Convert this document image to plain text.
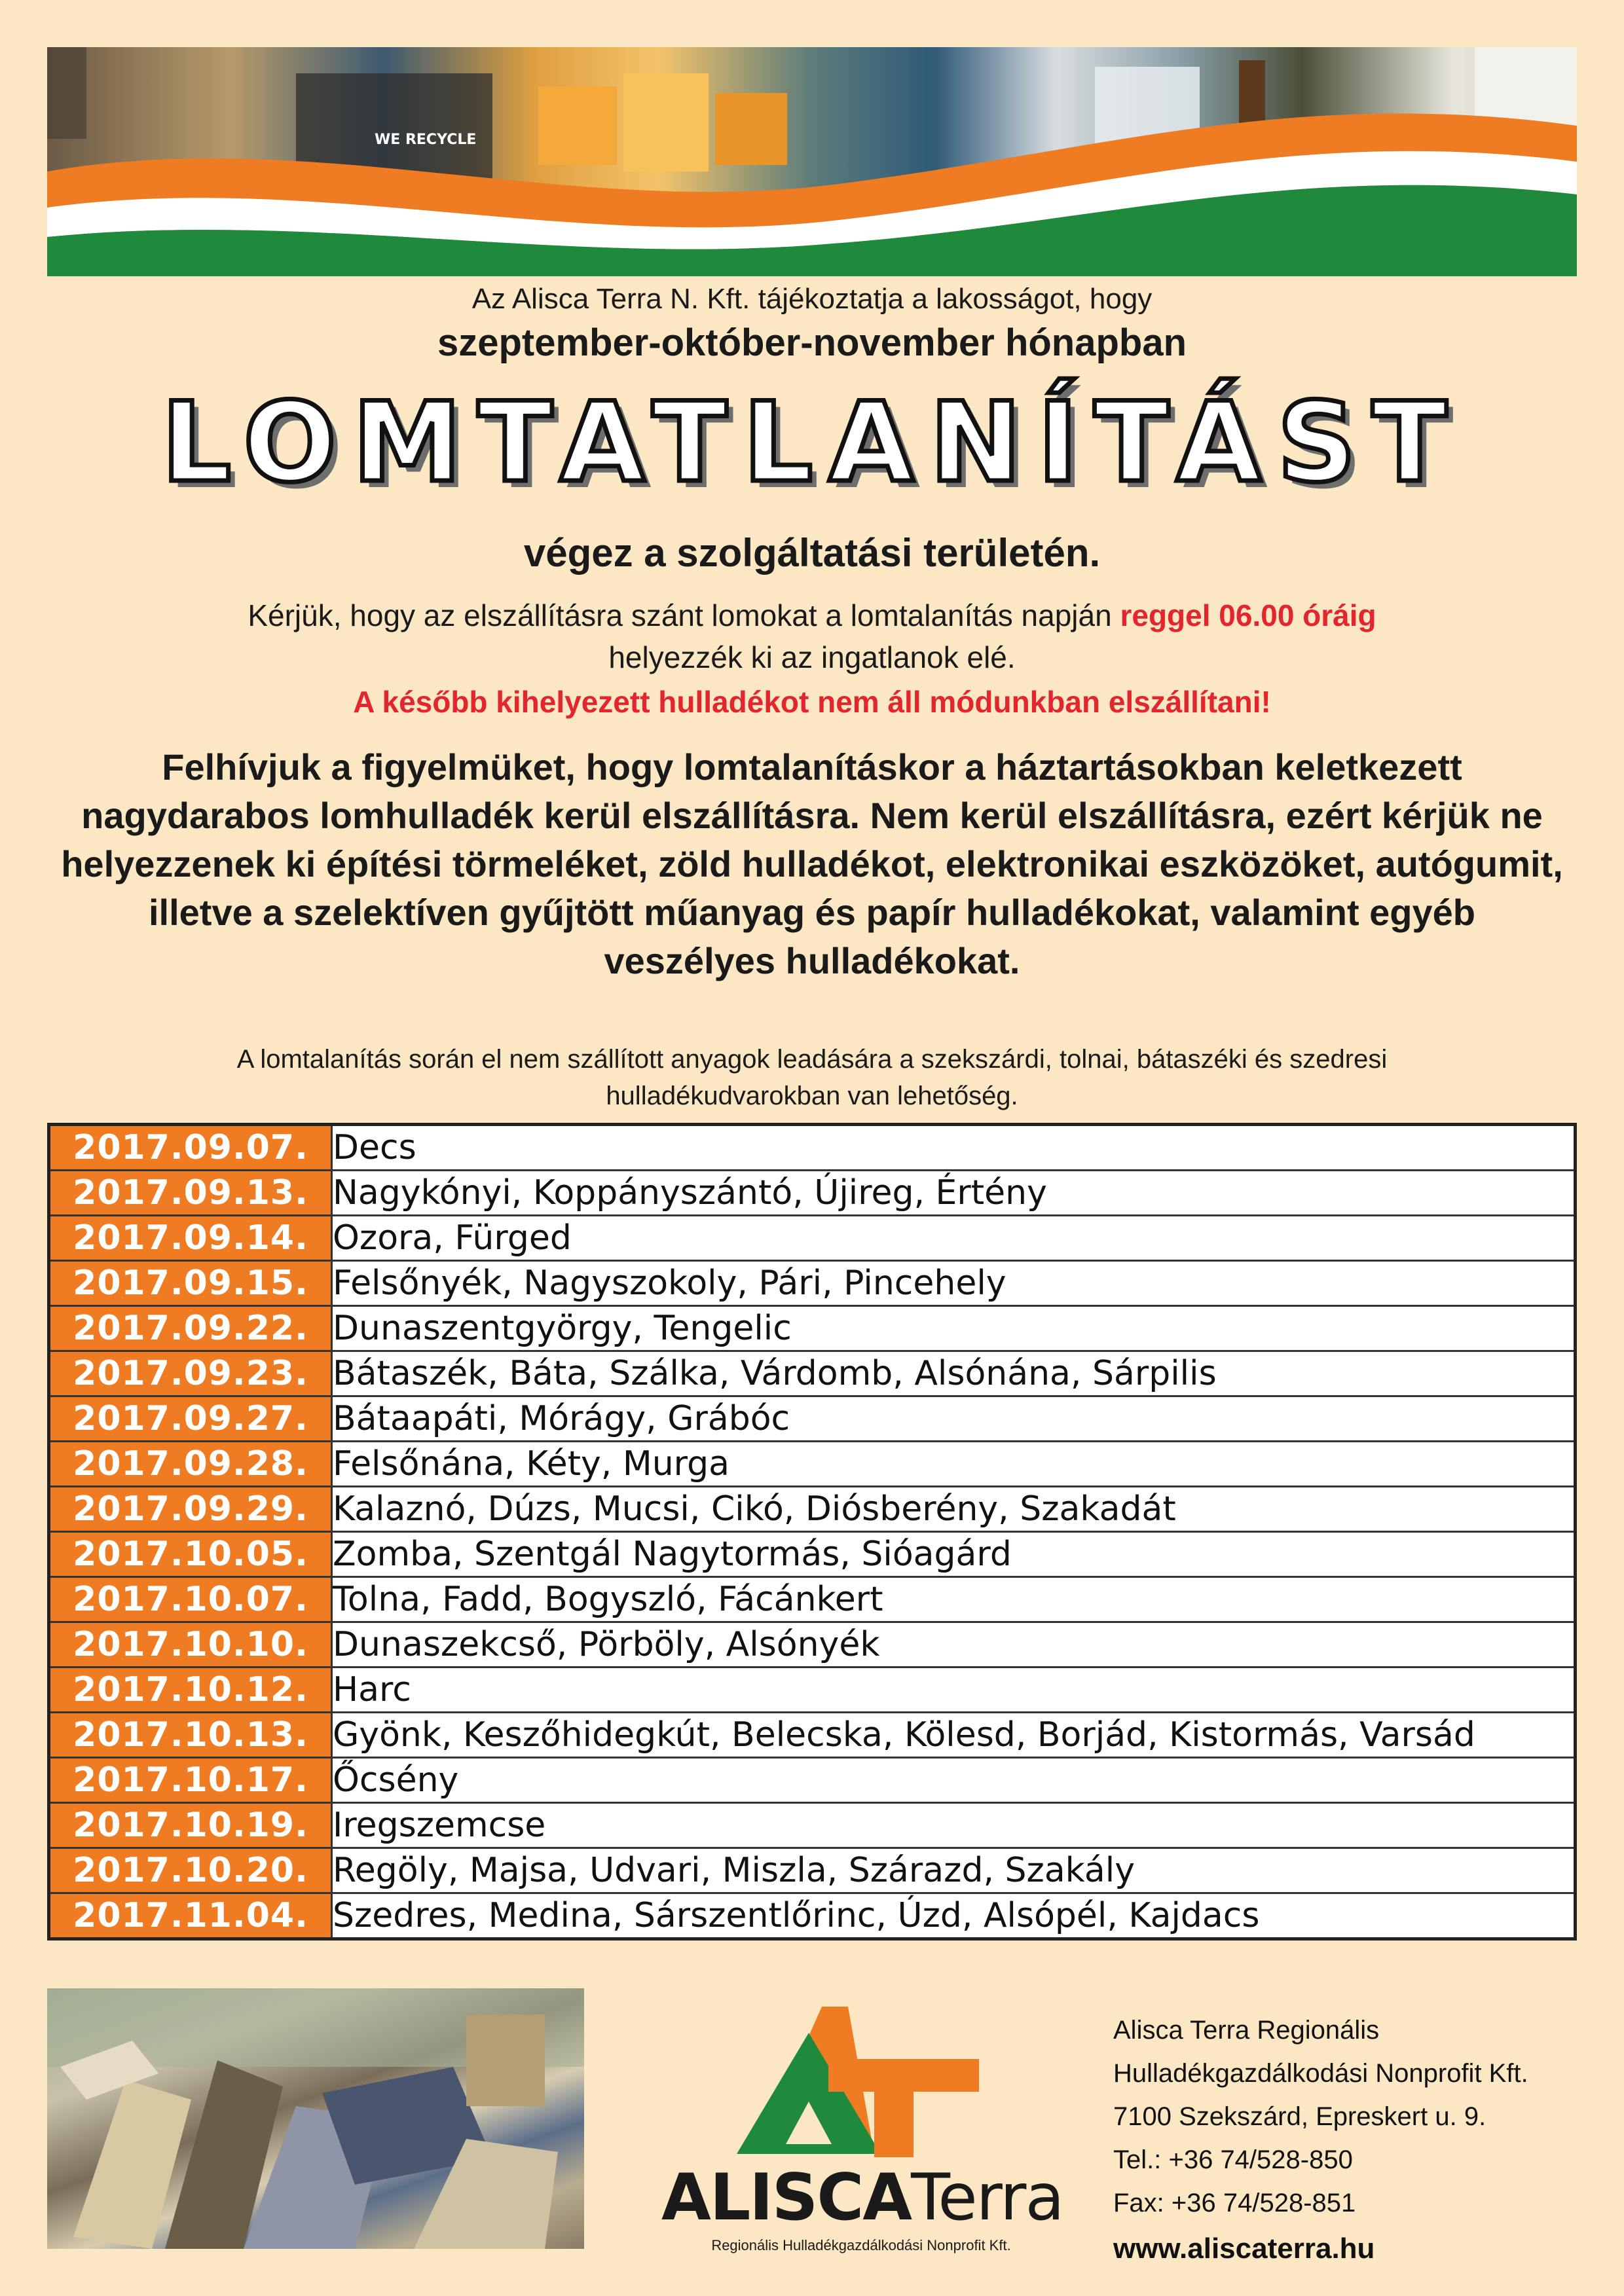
WE RECYCLE
Az Alisca Terra N. Kft. tájékoztatja a lakosságot, hogy
szeptember-október-november hónapban
LOMTATLANÍTÁST
végez a szolgáltatási területén.
Kérjük, hogy az elszállításra szánt lomokat a lomtalanítás napján reggel 06.00 óráig
helyezzék ki az ingatlanok elé.
A később kihelyezett hulladékot nem áll módunkban elszállítani!
Felhívjuk a figyelmüket, hogy lomtalanításkor a háztartásokban keletkezett nagydarabos lomhulladék kerül elszállításra. Nem kerül elszállításra, ezért kérjük ne helyezzenek ki építési törmeléket, zöld hulladékot, elektronikai eszközöket, autógumit, illetve a szelektíven gyűjtött műanyag és papír hulladékokat, valamint egyéb veszélyes hulladékokat.
A lomtalanítás során el nem szállított anyagok leadására a szekszárdi, tolnai, bátaszéki és szedresi hulladékudvarokban van lehetőség.
2017.09.07.	Decs
2017.09.13.	Nagykónyi, Koppányszántó, Újireg, Értény
2017.09.14.	Ozora, Fürged
2017.09.15.	Felsőnyék, Nagyszokoly, Pári, Pincehely
2017.09.22.	Dunaszentgyörgy, Tengelic
2017.09.23.	Bátaszék, Báta, Szálka, Várdomb, Alsónána, Sárpilis
2017.09.27.	Bátaapáti, Mórágy, Grábóc
2017.09.28.	Felsőnána, Kéty, Murga
2017.09.29.	Kalaznó, Dúzs, Mucsi, Cikó, Diósberény, Szakadát
2017.10.05.	Zomba, Szentgál Nagytormás, Sióagárd
2017.10.07.	Tolna, Fadd, Bogyszló, Fácánkert
2017.10.10.	Dunaszekcső, Pörböly, Alsónyék
2017.10.12.	Harc
2017.10.13.	Gyönk, Keszőhidegkút, Belecska, Kölesd, Borjád, Kistormás, Varsád
2017.10.17.	Őcsény
2017.10.19.	Iregszemcse
2017.10.20.	Regöly, Majsa, Udvari, Miszla, Szárazd, Szakály
2017.11.04.	Szedres, Medina, Sárszentlőrinc, Úzd, Alsópél, Kajdacs
ALISCATerra
Regionális Hulladékgazdálkodási Nonprofit Kft.
Alisca Terra Regionális
Hulladékgazdálkodási Nonprofit Kft.
7100 Szekszárd, Epreskert u. 9.
Tel.: +36 74/528-850
Fax: +36 74/528-851
www.aliscaterra.hu
